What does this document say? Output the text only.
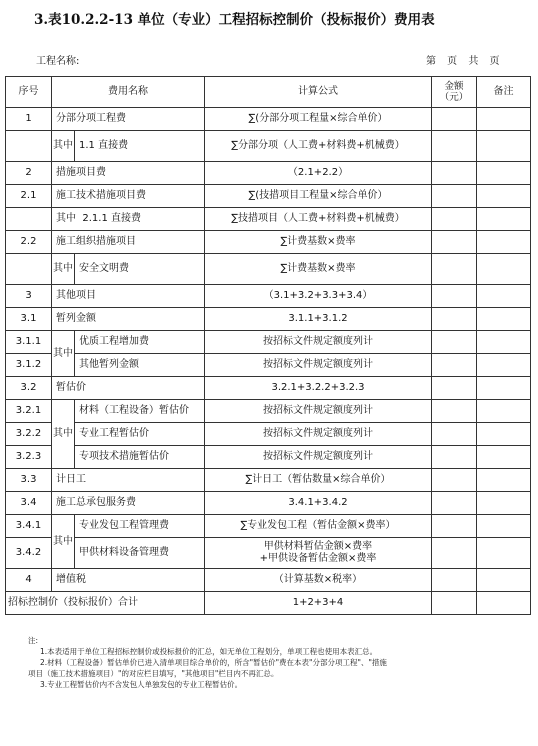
3.表10.2.2-13 单位（专业）工程招标控制价（投标报价）费用表
工程名称:	第 页 共 页
序号	费用名称		计算公式	金额（元）	备注
1	分部分项工程费		∑(分部分项工程量×综合单价）		
	其中	1.1 直接费	∑分部分项（人工费+材料费+机械费）		
2	措施项目费		（2.1+2.2）		
2.1	施工技术措施项目费		∑(技措项目工程量×综合单价）		
	其中 2.1.1 直接费		∑技措项目（人工费+材料费+机械费）		
2.2	施工组织措施项目		∑计费基数×费率		
	其中	安全文明费	∑计费基数×费率		
3	其他项目		（3.1+3.2+3.3+3.4）		
3.1	暂列金额		3.1.1+3.1.2		
3.1.1	其中	优质工程增加费	按招标文件规定额度列计		
3.1.2		其他暂列金额	按招标文件规定额度列计		
3.2	暂估价		3.2.1+3.2.2+3.2.3		
3.2.1	其中	材料（工程设备）暂估价	按招标文件规定额度列计		
3.2.2		专业工程暂估价	按招标文件规定额度列计		
3.2.3		专项技术措施暂估价	按招标文件规定额度列计		
3.3	计日工		∑计日工（暂估数量×综合单价）		
3.4	施工总承包服务费		3.4.1+3.4.2		
3.4.1	其中	专业发包工程管理费	∑专业发包工程（暂估金额×费率）		
3.4.2		甲供材料设备管理费	甲供材料暂估金额×费率
+甲供设备暂估金额×费率		

4	增值税		（计算基数×税率）		
招标控制价（投标报价）合计			1+2+3+4		
注:
1.本表适用于单位工程招标控制价或投标报价的汇总，如无单位工程划分，单项工程也使用本表汇总。
2.材料（工程设备）暂估单价已进入清单项目综合单价的，所含"暂估价"费在本表"分部分项工程"、"措施
项目（施工技术措施项目）"的对应栏目填写，"其他项目"栏目内不再汇总。
3.专业工程暂估价内不含发包人单独发包的专业工程暂估价。
